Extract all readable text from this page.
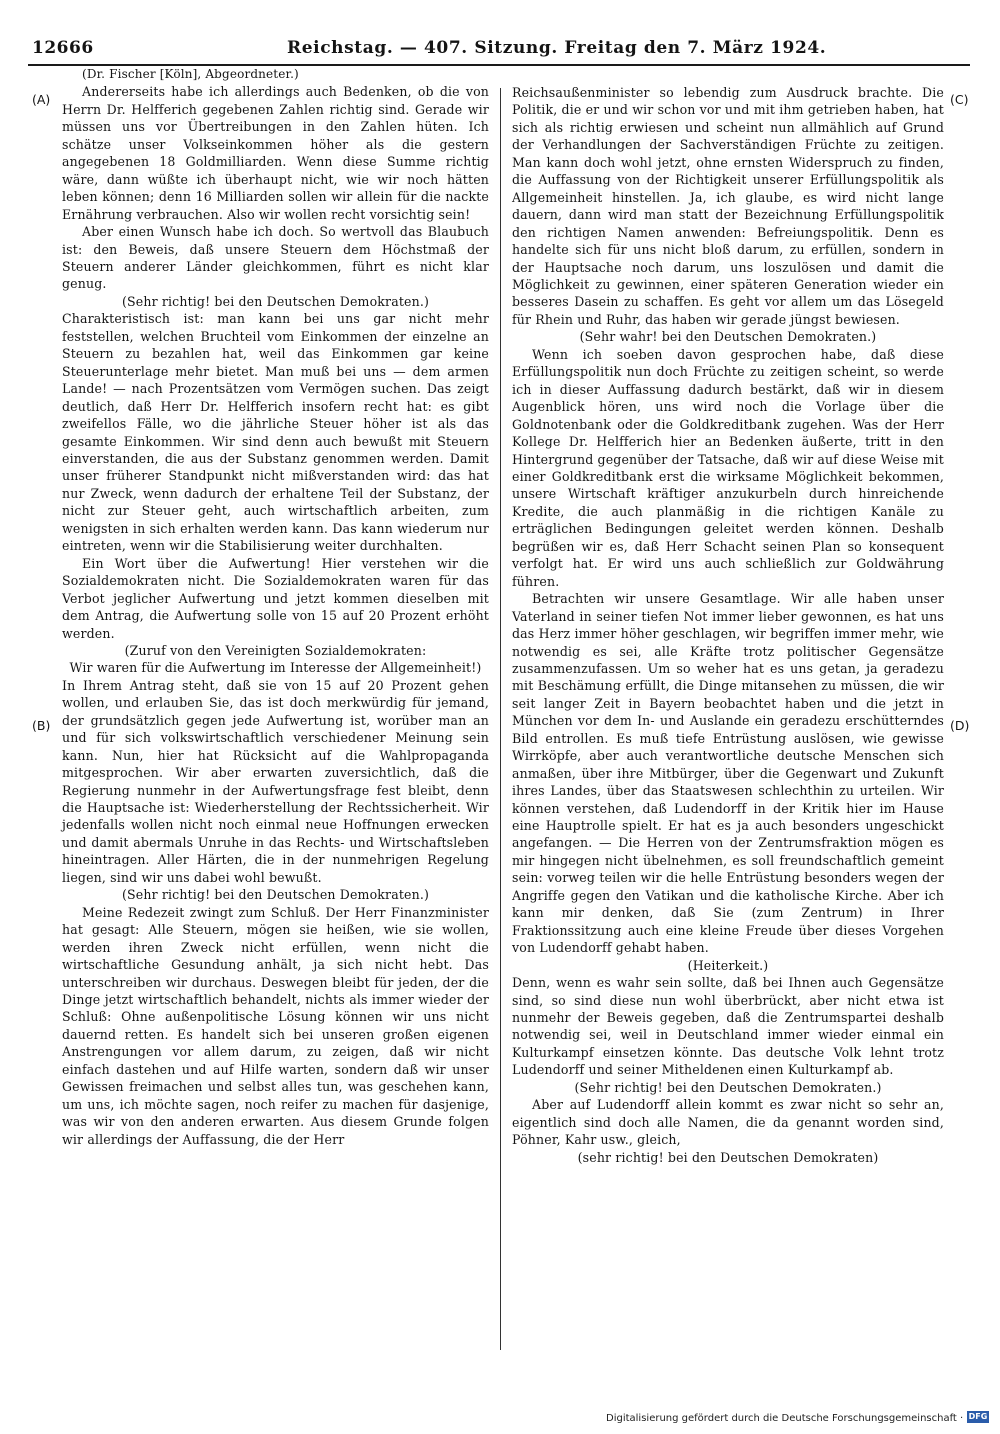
12666	Reichstag. — 407. Sitzung. Freitag den 7. März 1924.
(A)
(B)
(C)
(D)

(Dr. Fischer [Köln], Abgeordneter.)

Andererseits habe ich allerdings auch Bedenken, ob die von Herrn Dr. Helfferich gegebenen Zahlen richtig sind. Gerade wir müssen uns vor Übertreibungen in den Zahlen hüten. Ich schätze unser Volkseinkommen höher als die gestern angegebenen 18 Goldmilliarden. Wenn diese Summe richtig wäre, dann wüßte ich überhaupt nicht, wie wir noch hätten leben können; denn 16 Milliarden sollen wir allein für die nackte Ernährung verbrauchen. Also wir wollen recht vorsichtig sein!

Aber einen Wunsch habe ich doch. So wertvoll das Blaubuch ist: den Beweis, daß unsere Steuern dem Höchstmaß der Steuern anderer Länder gleichkommen, führt es nicht klar genug.

(Sehr richtig! bei den Deutschen Demokraten.)

Charakteristisch ist: man kann bei uns gar nicht mehr feststellen, welchen Bruchteil vom Einkommen der einzelne an Steuern zu bezahlen hat, weil das Einkommen gar keine Steuerunterlage mehr bietet. Man muß bei uns — dem armen Lande! — nach Prozentsätzen vom Vermögen suchen. Das zeigt deutlich, daß Herr Dr. Helfferich insofern recht hat: es gibt zweifellos Fälle, wo die jährliche Steuer höher ist als das gesamte Einkommen. Wir sind denn auch bewußt mit Steuern einverstanden, die aus der Substanz genommen werden. Damit unser früherer Standpunkt nicht mißverstanden wird: das hat nur Zweck, wenn dadurch der erhaltene Teil der Substanz, der nicht zur Steuer geht, auch wirtschaftlich arbeiten, zum wenigsten in sich erhalten werden kann. Das kann wiederum nur eintreten, wenn wir die Stabilisierung weiter durchhalten.

Ein Wort über die Aufwertung! Hier verstehen wir die Sozialdemokraten nicht. Die Sozialdemokraten waren für das Verbot jeglicher Aufwertung und jetzt kommen dieselben mit dem Antrag, die Aufwertung solle von 15 auf 20 Prozent erhöht werden.

(Zuruf von den Vereinigten Sozialdemokraten:

Wir waren für die Aufwertung im Interesse der Allgemeinheit!)

In Ihrem Antrag steht, daß sie von 15 auf 20 Prozent gehen wollen, und erlauben Sie, das ist doch merkwürdig für jemand, der grundsätzlich gegen jede Aufwertung ist, worüber man an und für sich volkswirtschaftlich verschiedener Meinung sein kann. Nun, hier hat Rücksicht auf die Wahlpropaganda mitgesprochen. Wir aber erwarten zuversichtlich, daß die Regierung nunmehr in der Aufwertungsfrage fest bleibt, denn die Hauptsache ist: Wiederherstellung der Rechtssicherheit. Wir jedenfalls wollen nicht noch einmal neue Hoffnungen erwecken und damit abermals Unruhe in das Rechts- und Wirtschaftsleben hineintragen. Aller Härten, die in der nunmehrigen Regelung liegen, sind wir uns dabei wohl bewußt.

(Sehr richtig! bei den Deutschen Demokraten.)

Meine Redezeit zwingt zum Schluß. Der Herr Finanzminister hat gesagt: Alle Steuern, mögen sie heißen, wie sie wollen, werden ihren Zweck nicht erfüllen, wenn nicht die wirtschaftliche Gesundung anhält, ja sich nicht hebt. Das unterschreiben wir durchaus. Deswegen bleibt für jeden, der die Dinge jetzt wirtschaftlich behandelt, nichts als immer wieder der Schluß: Ohne außenpolitische Lösung können wir uns nicht dauernd retten. Es handelt sich bei unseren großen eigenen Anstrengungen vor allem darum, zu zeigen, daß wir nicht einfach dastehen und auf Hilfe warten, sondern daß wir unser Gewissen freimachen und selbst alles tun, was geschehen kann, um uns, ich möchte sagen, noch reifer zu machen für dasjenige, was wir von den anderen erwarten. Aus diesem Grunde folgen wir allerdings der Auffassung, die der Herr

Reichsaußenminister so lebendig zum Ausdruck brachte. Die Politik, die er und wir schon vor und mit ihm getrieben haben, hat sich als richtig erwiesen und scheint nun allmählich auf Grund der Verhandlungen der Sachverständigen Früchte zu zeitigen. Man kann doch wohl jetzt, ohne ernsten Widerspruch zu finden, die Auffassung von der Richtigkeit unserer Erfüllungspolitik als Allgemeinheit hinstellen. Ja, ich glaube, es wird nicht lange dauern, dann wird man statt der Bezeichnung Erfüllungspolitik den richtigen Namen anwenden: Befreiungspolitik. Denn es handelte sich für uns nicht bloß darum, zu erfüllen, sondern in der Hauptsache noch darum, uns loszulösen und damit die Möglichkeit zu gewinnen, einer späteren Generation wieder ein besseres Dasein zu schaffen. Es geht vor allem um das Lösegeld für Rhein und Ruhr, das haben wir gerade jüngst bewiesen.

(Sehr wahr! bei den Deutschen Demokraten.)

Wenn ich soeben davon gesprochen habe, daß diese Erfüllungspolitik nun doch Früchte zu zeitigen scheint, so werde ich in dieser Auffassung dadurch bestärkt, daß wir in diesem Augenblick hören, uns wird noch die Vorlage über die Goldnotenbank oder die Goldkreditbank zugehen. Was der Herr Kollege Dr. Helfferich hier an Bedenken äußerte, tritt in den Hintergrund gegenüber der Tatsache, daß wir auf diese Weise mit einer Goldkreditbank erst die wirksame Möglichkeit bekommen, unsere Wirtschaft kräftiger anzukurbeln durch hinreichende Kredite, die auch planmäßig in die richtigen Kanäle zu erträglichen Bedingungen geleitet werden können. Deshalb begrüßen wir es, daß Herr Schacht seinen Plan so konsequent verfolgt hat. Er wird uns auch schließlich zur Goldwährung führen.

Betrachten wir unsere Gesamtlage. Wir alle haben unser Vaterland in seiner tiefen Not immer lieber gewonnen, es hat uns das Herz immer höher geschlagen, wir begriffen immer mehr, wie notwendig es sei, alle Kräfte trotz politischer Gegensätze zusammenzufassen. Um so weher hat es uns getan, ja geradezu mit Beschämung erfüllt, die Dinge mitansehen zu müssen, die wir seit langer Zeit in Bayern beobachtet haben und die jetzt in München vor dem In- und Auslande ein geradezu erschütterndes Bild entrollen. Es muß tiefe Entrüstung auslösen, wie gewisse Wirrköpfe, aber auch verantwortliche deutsche Menschen sich anmaßen, über ihre Mitbürger, über die Gegenwart und Zukunft ihres Landes, über das Staatswesen schlechthin zu urteilen. Wir können verstehen, daß Ludendorff in der Kritik hier im Hause eine Hauptrolle spielt. Er hat es ja auch besonders ungeschickt angefangen. — Die Herren von der Zentrumsfraktion mögen es mir hingegen nicht übelnehmen, es soll freundschaftlich gemeint sein: vorweg teilen wir die helle Entrüstung besonders wegen der Angriffe gegen den Vatikan und die katholische Kirche. Aber ich kann mir denken, daß Sie (zum Zentrum) in Ihrer Fraktionssitzung auch eine kleine Freude über dieses Vorgehen von Ludendorff gehabt haben.

(Heiterkeit.)

Denn, wenn es wahr sein sollte, daß bei Ihnen auch Gegensätze sind, so sind diese nun wohl überbrückt, aber nicht etwa ist nunmehr der Beweis gegeben, daß die Zentrumspartei deshalb notwendig sei, weil in Deutschland immer wieder einmal ein Kulturkampf einsetzen könnte. Das deutsche Volk lehnt trotz Ludendorff und seiner Mitheldenen einen Kulturkampf ab.

(Sehr richtig! bei den Deutschen Demokraten.)

Aber auf Ludendorff allein kommt es zwar nicht so sehr an, eigentlich sind doch alle Namen, die da genannt worden sind, Pöhner, Kahr usw., gleich,

(sehr richtig! bei den Deutschen Demokraten)

Digitalisierung gefördert durch die Deutsche Forschungsgemeinschaft · DFG
